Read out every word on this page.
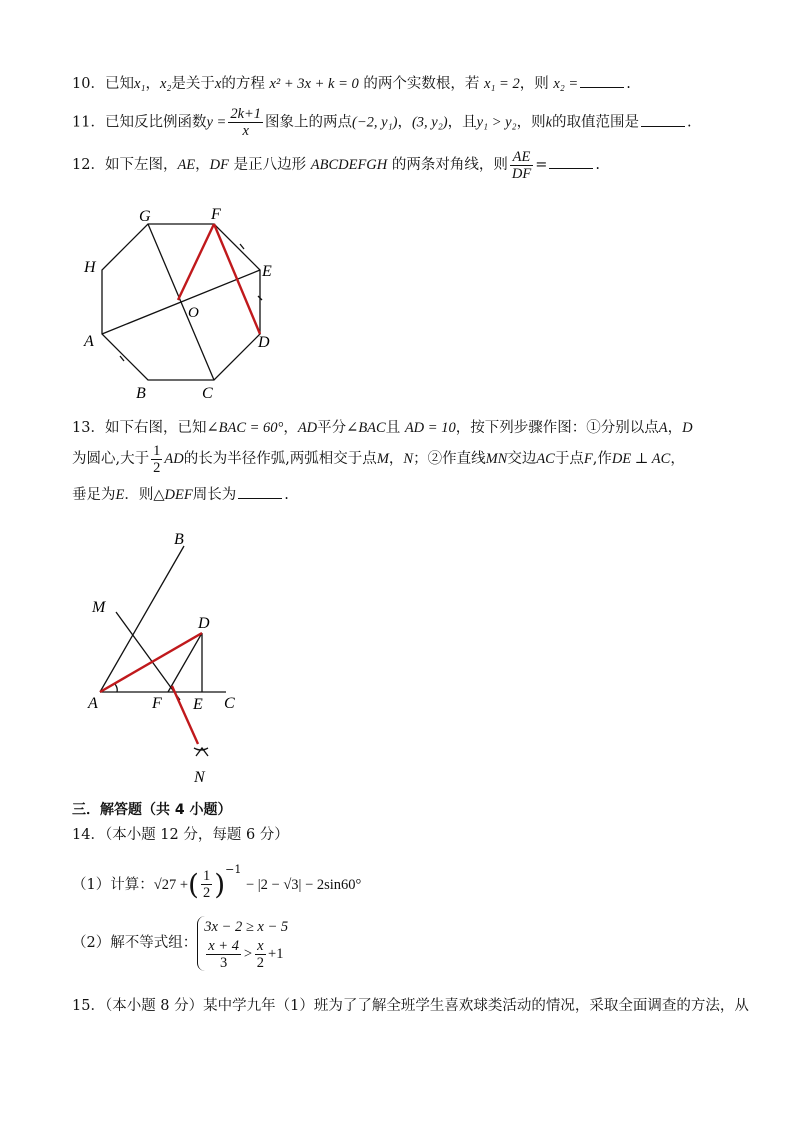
10．已知x₁，x₂是关于x的方程 x² + 3x + k = 0 的两个实数根，若 x₁ = 2，则 x₂ =	.
11．已知反比例函数$y = \frac{2k+1}{x}$ 图象上的两点(−2, y₁)，(3, y₂)，且y₁ > y₂，则k的取值范围是	.
12．如下左图，AE，DF 是正八边形 ABCDEFGH 的两条对角线，则 $\frac{AE}{DF}$ =	.
G	F
E
H
A	D
B	C
O
13．如下右图，已知∠BAC = 60°，AD平分∠BAC且 AD = 10，按下列步骤作图：①分别以点A，D
为圆心,大于 $\frac{1}{2}$ AD的长为半径作弧,两弧相交于点M，N；②作直线MN交边AC于点F,作DE ⊥ AC，
垂足为E．则△DEF周长为	.
B
M
D
A	F E C
N
三．解答题（共 4 小题）
14．（本小题 12 分，每题 6 分）
（1）计算：√27 +( $\frac{1}{2} )^{-1} - |2 - √3| - 2\sin 60^\circ$
（2）解不等式组：
3x − 2 ≥ x − 5
$\frac{x + 4}{3} > \frac{x}{2} +1$
15．（本小题 8 分）某中学九年（1）班为了了解全班学生喜欢球类活动的情况，采取全面调查的方法，从
